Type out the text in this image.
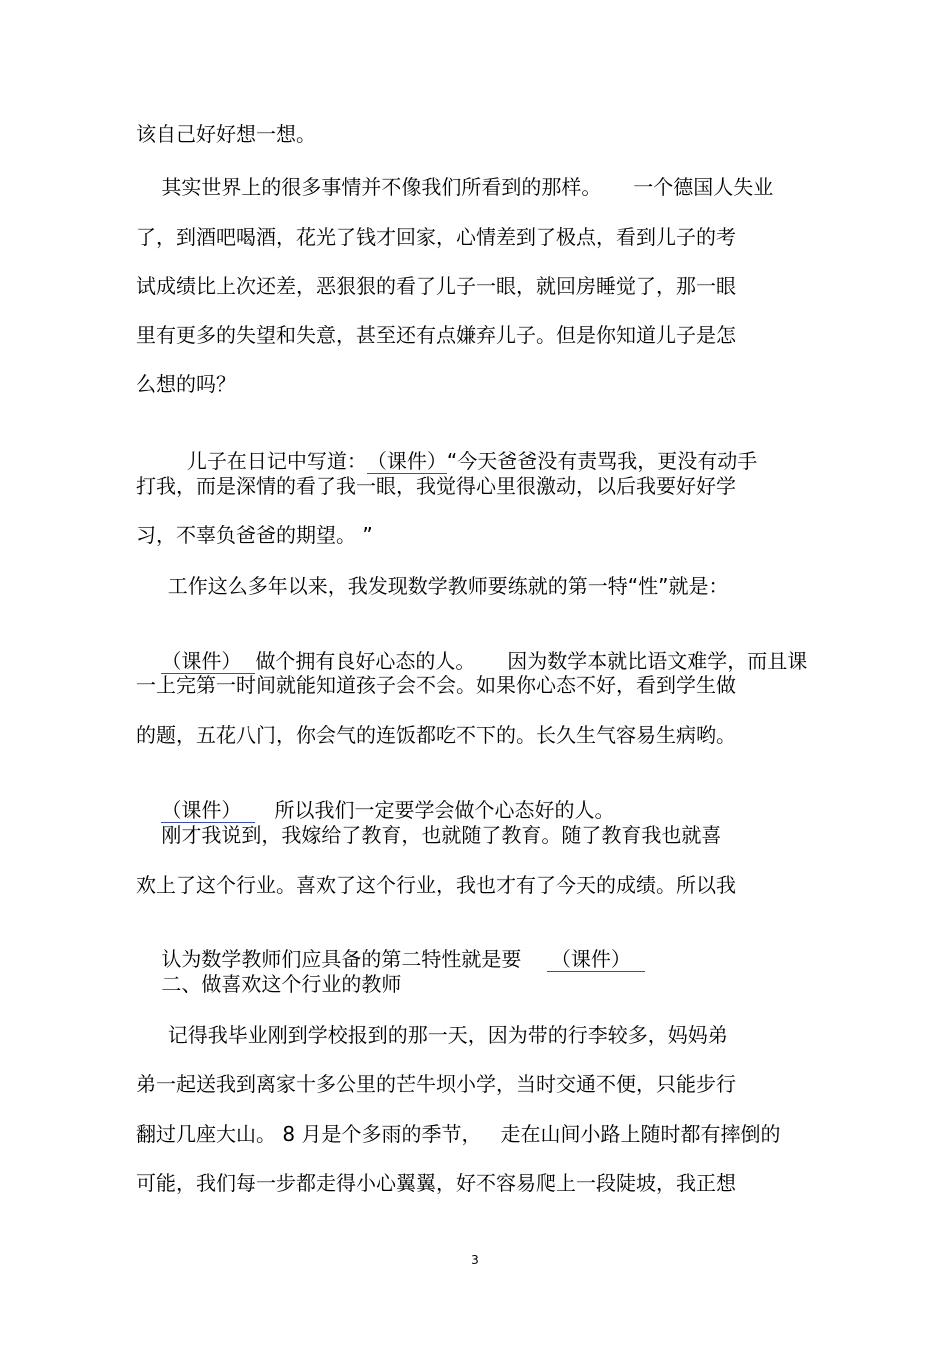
该自己好好想一想。
其实世界上的很多事情并不像我们所看到的那样。     一个德国人失业
了，到酒吧喝酒，花光了钱才回家，心情差到了极点，看到儿子的考
试成绩比上次还差，恶狠狠的看了儿子一眼，就回房睡觉了，那一眼
里有更多的失望和失意，甚至还有点嫌弃儿子。但是你知道儿子是怎
么想的吗？

儿子在日记中写道：（课件）“今天爸爸没有责骂我，更没有动手

打我，而是深情的看了我一眼，我觉得心里很激动，以后我要好好学
习，不辜负爸爸的期望。 ”
工作这么多年以来，我发现数学教师要练就的第一特“性”就是：

（课件） 做个拥有良好心态的人。     因为数学本就比语文难学，而且课

一上完第一时间就能知道孩子会不会。如果你心态不好，看到学生做
的题，五花八门，你会气的连饭都吃不下的。长久生气容易生病哟。

（课件）   所以我们一定要学会做个心态好的人。

刚才我说到，我嫁给了教育，也就随了教育。随了教育我也就喜
欢上了这个行业。喜欢了这个行业，我也才有了今天的成绩。所以我

认为数学教师们应具备的第二特性就是要    （课件）

二、做喜欢这个行业的教师
记得我毕业刚到学校报到的那一天，因为带的行李较多，妈妈弟
弟一起送我到离家十多公里的芒牛坝小学，当时交通不便，只能步行
翻过几座大山。 8 月是个多雨的季节，   走在山间小路上随时都有摔倒的
可能，我们每一步都走得小心翼翼，好不容易爬上一段陡坡，我正想
3
